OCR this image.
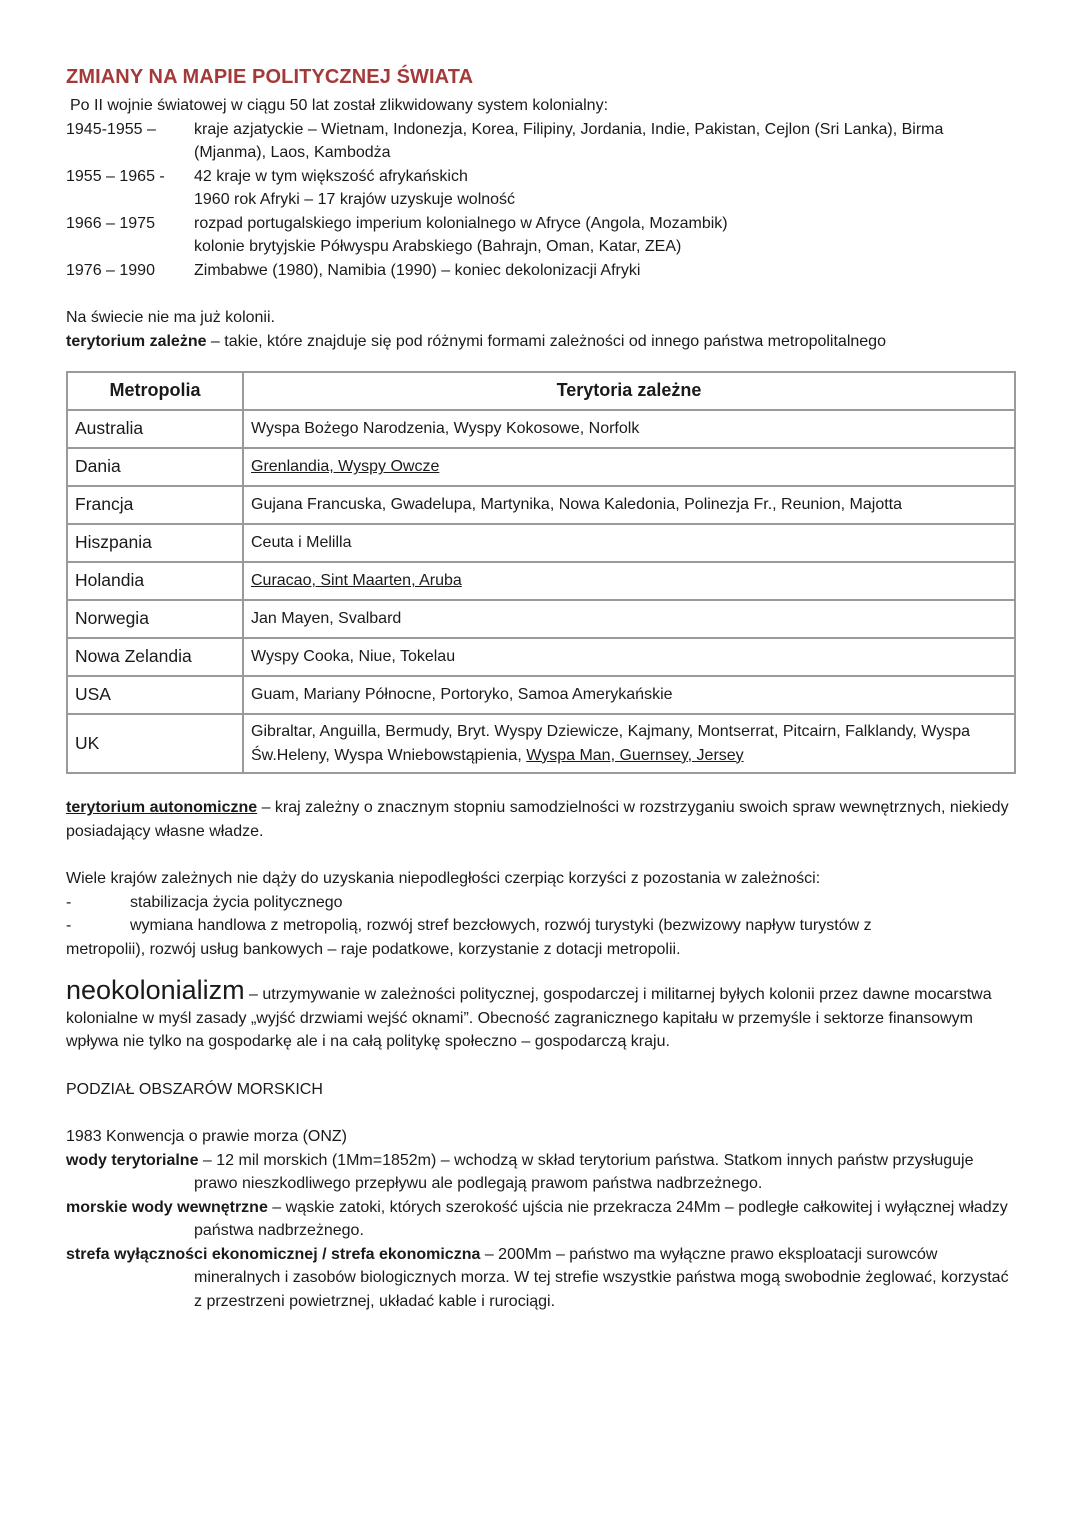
ZMIANY NA MAPIE POLITYCZNEJ ŚWIATA

Po II wojnie światowej w ciągu 50 lat został zlikwidowany system kolonialny:

1945-1955 –	kraje azjatyckie – Wietnam, Indonezja, Korea, Filipiny, Jordania, Indie, Pakistan, Cejlon (Sri Lanka), Birma
(Mjanma), Laos, Kambodża
1955 – 1965 -	42 kraje w tym większość afrykańskich
1960 rok Afryki – 17 krajów uzyskuje wolność
1966 – 1975	rozpad portugalskiego imperium kolonialnego w Afryce (Angola, Mozambik)
kolonie brytyjskie Półwyspu Arabskiego (Bahrajn, Oman, Katar, ZEA)
1976 – 1990	Zimbabwe (1980), Namibia (1990) – koniec dekolonizacji Afryki

Na świecie nie ma już kolonii.

terytorium zależne – takie, które znajduje się pod różnymi formami zależności od innego państwa metropolitalnego

Metropolia	Terytoria zależne
Australia	Wyspa Bożego Narodzenia, Wyspy Kokosowe, Norfolk
Dania	Grenlandia, Wyspy Owcze
Francja	Gujana Francuska, Gwadelupa, Martynika, Nowa Kaledonia, Polinezja Fr., Reunion, Majotta
Hiszpania	Ceuta i Melilla
Holandia	Curacao, Sint Maarten, Aruba
Norwegia	Jan Mayen, Svalbard
Nowa Zelandia	Wyspy Cooka, Niue, Tokelau
USA	Guam, Mariany Północne, Portoryko, Samoa Amerykańskie
UK	Gibraltar, Anguilla, Bermudy, Bryt. Wyspy Dziewicze, Kajmany, Montserrat, Pitcairn, Falklandy, Wyspa Św.Heleny, Wyspa Wniebowstąpienia, Wyspa Man, Guernsey, Jersey

terytorium autonomiczne – kraj zależny o znacznym stopniu samodzielności w rozstrzyganiu swoich spraw wewnętrznych, niekiedy posiadający własne władze.

Wiele krajów zależnych nie dąży do uzyskania niepodległości czerpiąc korzyści z pozostania w zależności:

-	stabilizacja życia politycznego
-	wymiana handlowa z metropolią, rozwój stref bezcłowych, rozwój turystyki (bezwizowy napływ turystów z

metropolii), rozwój usług bankowych – raje podatkowe, korzystanie z dotacji metropolii.

neokolonializm – utrzymywanie w zależności politycznej, gospodarczej i militarnej byłych kolonii przez dawne mocarstwa kolonialne w myśl zasady „wyjść drzwiami wejść oknami”. Obecność zagranicznego kapitału w przemyśle i sektorze finansowym wpływa nie tylko na gospodarkę ale i na całą politykę społeczno – gospodarczą kraju.

PODZIAŁ OBSZARÓW MORSKICH

1983 Konwencja o prawie morza (ONZ)

wody terytorialne – 12 mil morskich (1Mm=1852m) – wchodzą w skład terytorium państwa. Statkom innych państw przysługuje prawo nieszkodliwego przepływu ale podlegają prawom państwa nadbrzeżnego.

morskie wody wewnętrzne – wąskie zatoki, których szerokość ujścia nie przekracza 24Mm – podległe całkowitej i wyłącznej władzy państwa nadbrzeżnego.

strefa wyłączności ekonomicznej / strefa ekonomiczna – 200Mm – państwo ma wyłączne prawo eksploatacji surowców mineralnych i zasobów biologicznych morza. W tej strefie wszystkie państwa mogą swobodnie żeglować, korzystać z przestrzeni powietrznej, układać kable i rurociągi.
